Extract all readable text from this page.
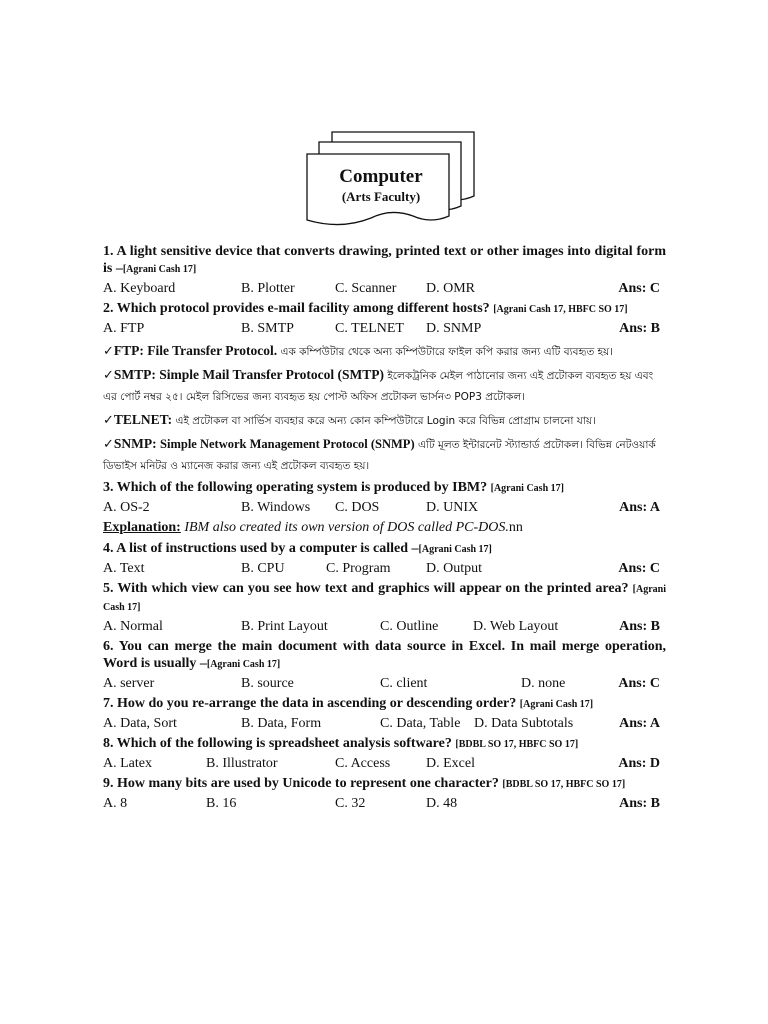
Computer
(Arts Faculty)
1. A light sensitive device that converts drawing, printed text or other images into digital form is –[Agrani Cash 17]
A. Keyboard	B. Plotter	C. Scanner D. OMR	Ans: C
2. Which protocol provides e-mail facility among different hosts? [Agrani Cash 17, HBFC SO 17]
A. FTP	B. SMTP	C. TELNET D. SNMP	Ans: B
✓FTP: File Transfer Protocol. এক কম্পিউটার থেকে অন্য কম্পিউটারে ফাইল কপি করার জন্য এটি ব্যবহৃত হয়।
✓SMTP: Simple Mail Transfer Protocol (SMTP) ইলেকট্রনিক মেইল পাঠানোর জন্য এই প্রটোকল ব্যবহৃত হয় এবং এর পোর্ট নম্বর ২৫। মেইল রিসিভের জন্য ব্যবহৃত হয় পোস্ট অফিস প্রটোকল ভার্সন৩ POP3 প্রটোকল।
✓TELNET: এই প্রটোকল বা সার্ভিস ব্যবহার করে অন্য কোন কম্পিউটারে Login করে বিভিন্ন প্রোগ্রাম চালনো যায়।
✓SNMP: Simple Network Management Protocol (SNMP) এটি মূলত ইন্টারনেট স্ট্যান্ডার্ড প্রটোকল। বিভিন্ন নেটওয়ার্ক ডিভাইস মনিটর ও ম্যানেজ করার জন্য এই প্রটোকল ব্যবহৃত হয়।
3. Which of the following operating system is produced by IBM? [Agrani Cash 17]
A. OS-2	B. Windows C. DOS	D. UNIX	Ans: A
Explanation: IBM also created its own version of DOS called PC-DOS.nn
4. A list of instructions used by a computer is called –[Agrani Cash 17]
A. Text	B. CPU	C. Program	D. Output	Ans: C
5. With which view can you see how text and graphics will appear on the printed area? [Agrani Cash 17]
A. Normal	B. Print Layout	C. Outline D. Web Layout	Ans: B
6. You can merge the main document with data source in Excel. In mail merge operation, Word is usually –[Agrani Cash 17]
A. server	B. source	C. client	D. none	Ans: C
7. How do you re-arrange the data in ascending or descending order? [Agrani Cash 17]
A. Data, Sort	B. Data, Form	C. Data, Table D. Data Subtotals	Ans: A
8. Which of the following is spreadsheet analysis software? [BDBL SO 17, HBFC SO 17]
A. Latex	B. Illustrator	C. Access	D. Excel	Ans: D
9. How many bits are used by Unicode to represent one character? [BDBL SO 17, HBFC SO 17]
A. 8	B. 16	C. 32	D. 48	Ans: B
